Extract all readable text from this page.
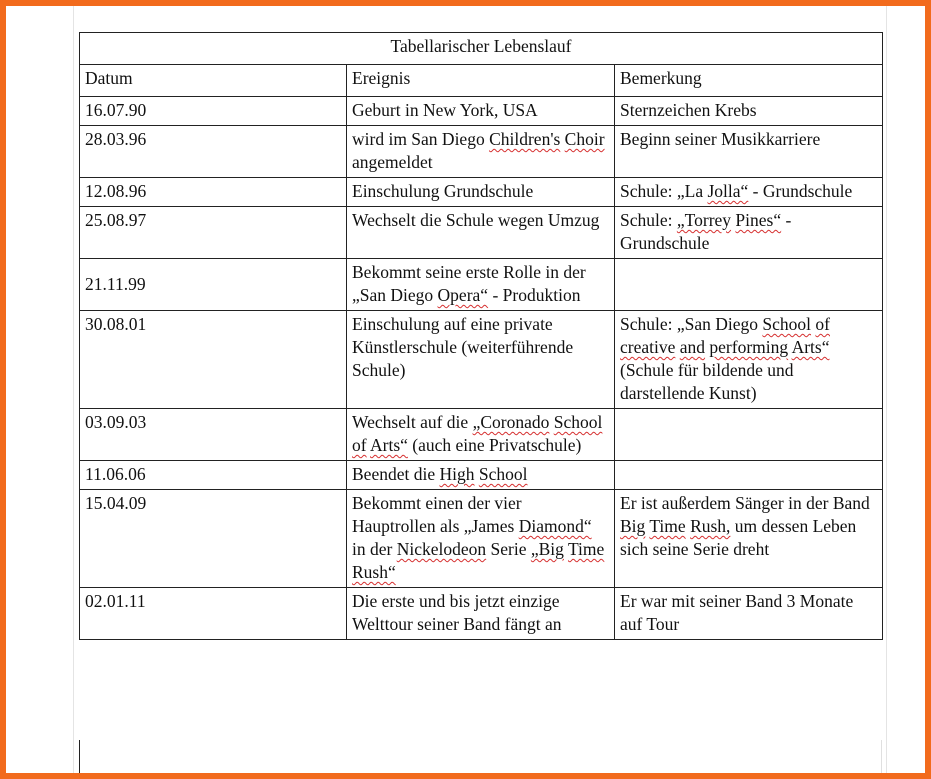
Tabellarischer Lebenslauf		
Datum	Ereignis	Bemerkung
16.07.90	Geburt in New York, USA	Sternzeichen Krebs
28.03.96	wird im San Diego Children's Choir angemeldet	Beginn seiner Musikkarriere
12.08.96	Einschulung Grundschule	Schule: „La Jolla“ - Grundschule
25.08.97	Wechselt die Schule wegen Umzug	Schule: „Torrey Pines“ - Grundschule
21.11.99	Bekommt seine erste Rolle in der „San Diego Opera“ - Produktion	
30.08.01	Einschulung auf eine private Künstlerschule (weiterführende Schule)	Schule: „San Diego School of creative and performing Arts“ (Schule für bildende und darstellende Kunst)
03.09.03	Wechselt auf die „Coronado School of Arts“ (auch eine Privatschule)	
11.06.06	Beendet die High School	
15.04.09	Bekommt einen der vier Hauptrollen als „James Diamond“ in der Nickelodeon Serie „Big Time Rush“	Er ist außerdem Sänger in der Band Big Time Rush, um dessen Leben sich seine Serie dreht
02.01.11	Die erste und bis jetzt einzige Welttour seiner Band fängt an	Er war mit seiner Band 3 Monate auf Tour
